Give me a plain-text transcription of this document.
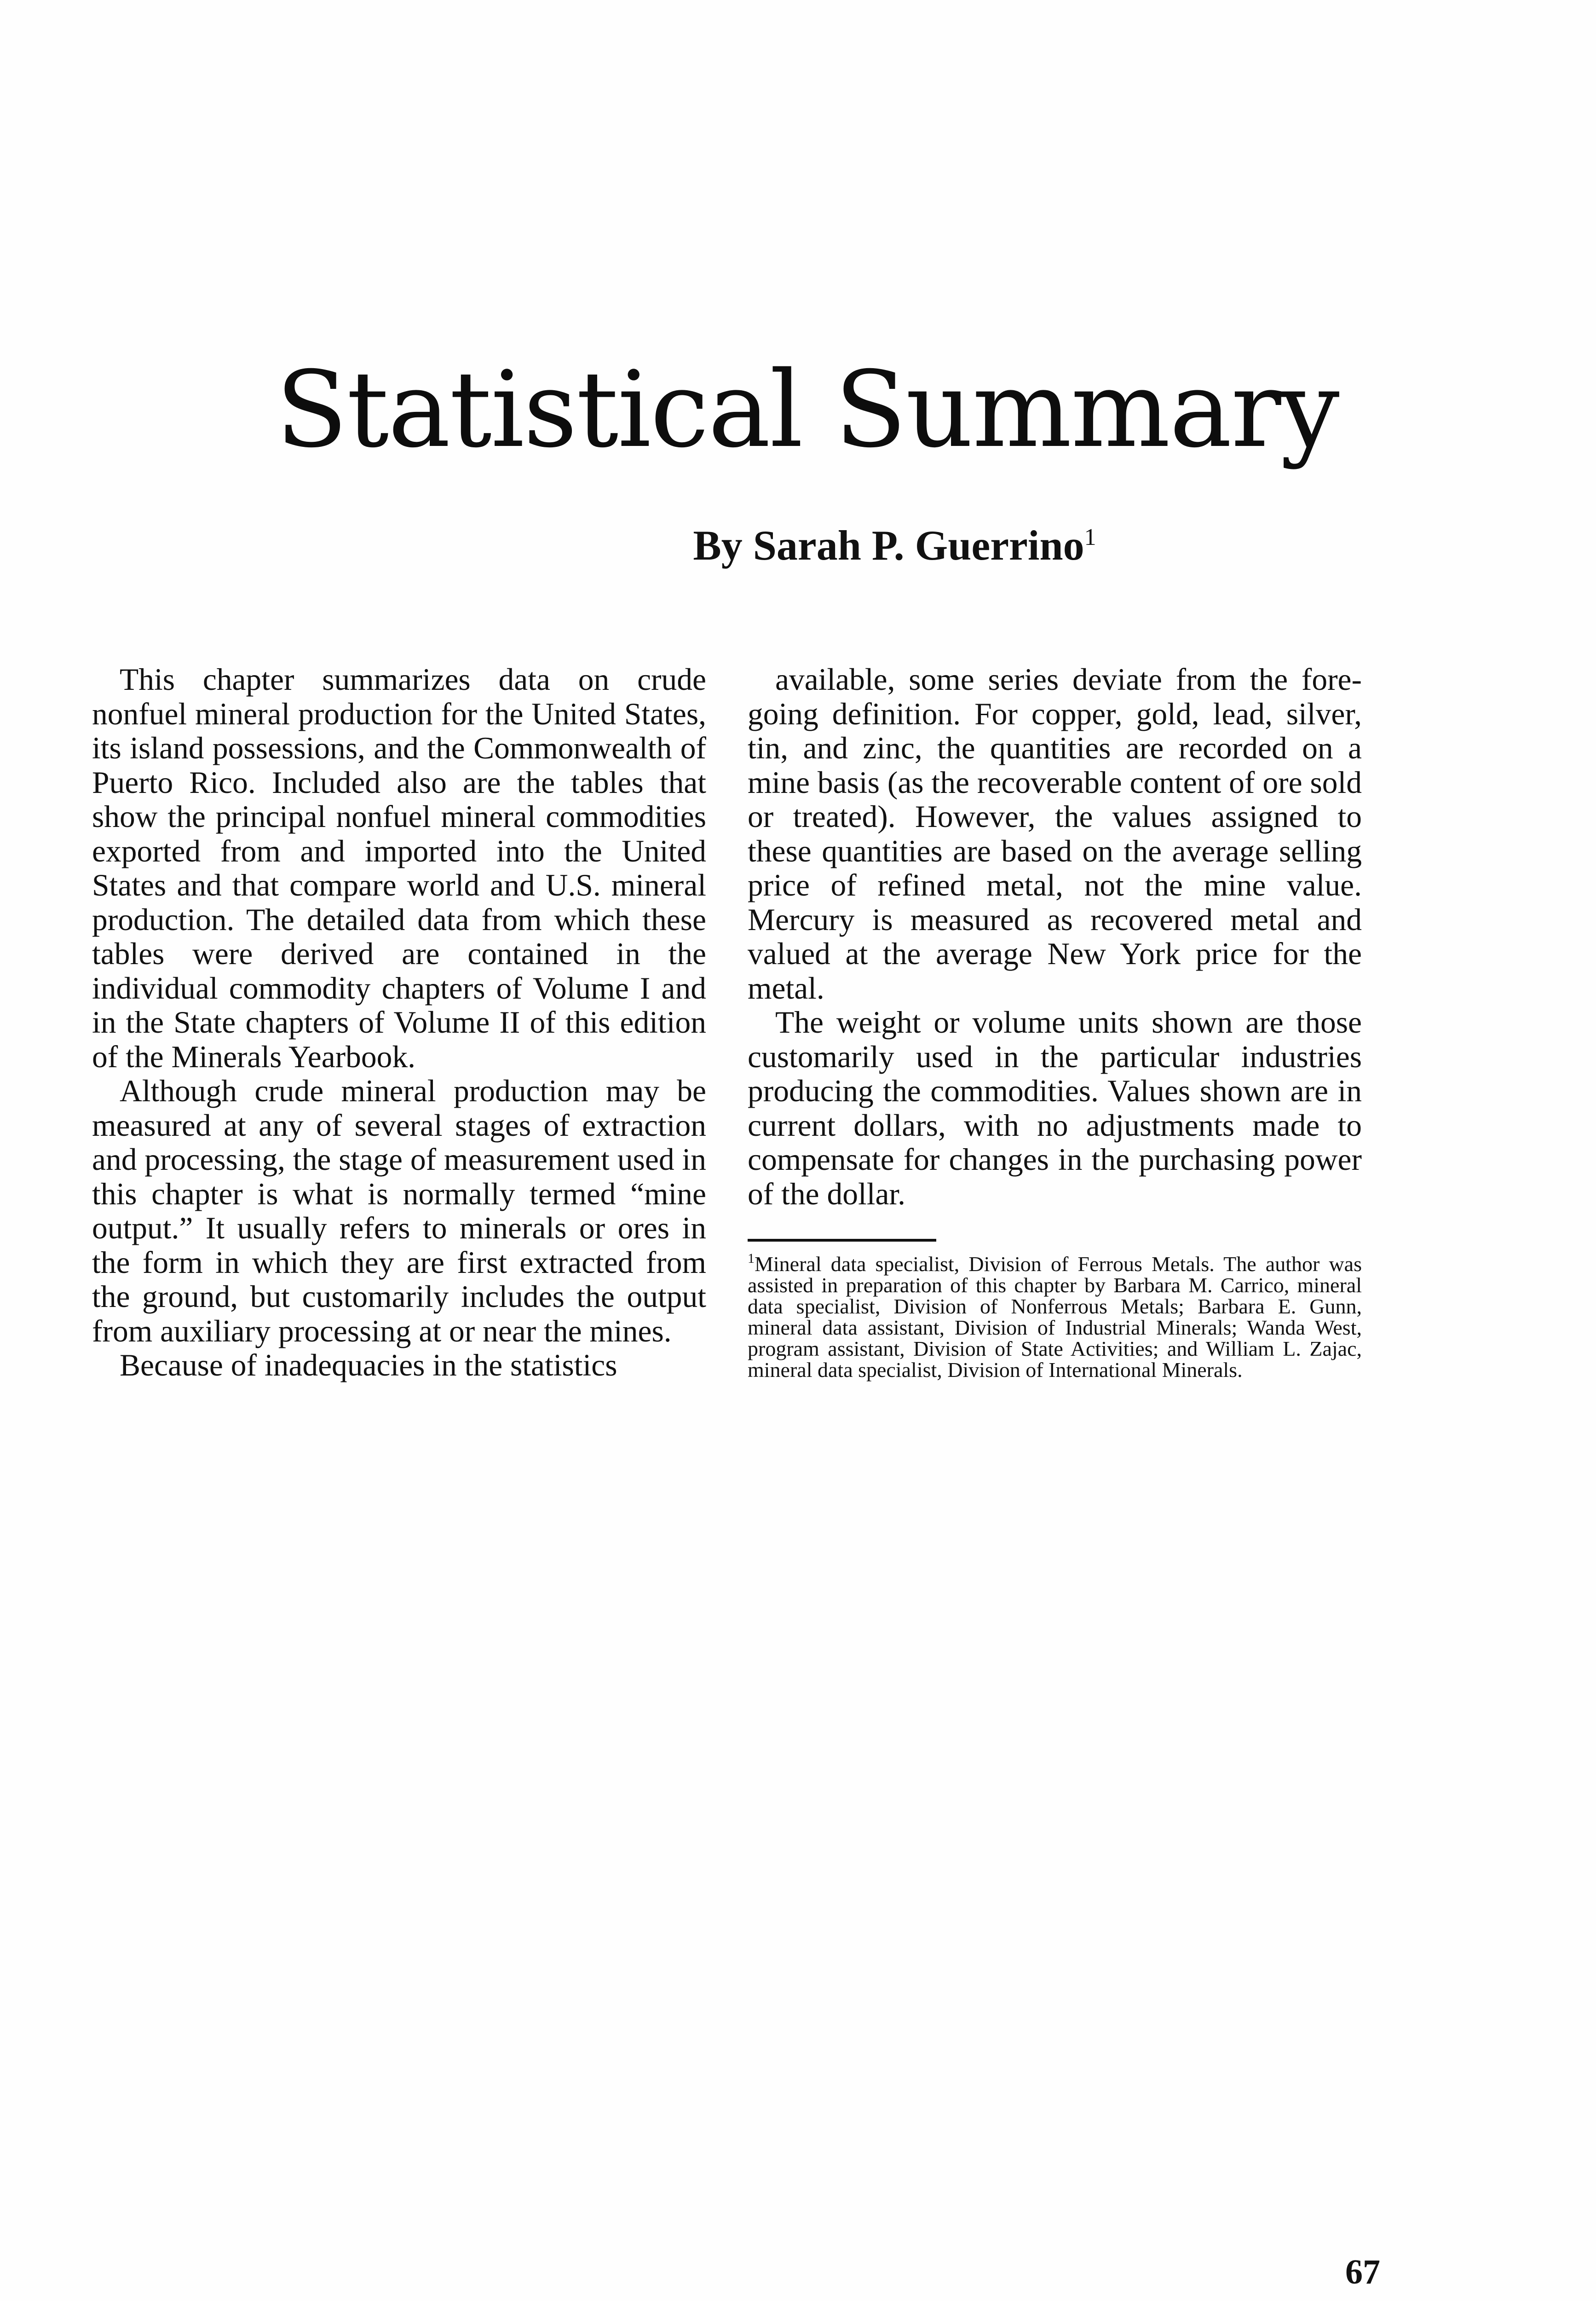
Statistical Summary
By Sarah P. Guerrino$^1$

This chapter summarizes data on crude nonfuel mineral production for the United States, its island possessions, and the Commonwealth of Puerto Rico. Included also are the tables that show the principal nonfuel mineral commodities exported from and imported into the United States and that compare world and U.S. mineral production. The detailed data from which these tables were derived are contained in the individual commodity chapters of Volume I and in the State chapters of Volume II of this edition of the Minerals Yearbook.

Although crude mineral production may be measured at any of several stages of extraction and processing, the stage of measurement used in this chapter is what is normally termed “mine output.” It usually refers to minerals or ores in the form in which they are first extracted from the ground, but customarily includes the output from auxiliary processing at or near the mines.

Because of inadequacies in the statistics

available, some series deviate from the foregoing definition. For copper, gold, lead, silver, tin, and zinc, the quantities are recorded on a mine basis (as the recoverable content of ore sold or treated). However, the values assigned to these quantities are based on the average selling price of refined metal, not the mine value. Mercury is measured as recovered metal and valued at the average New York price for the metal.

The weight or volume units shown are those customarily used in the particular industries producing the commodities. Values shown are in current dollars, with no adjustments made to compensate for changes in the purchasing power of the dollar.

$^1$Mineral data specialist, Division of Ferrous Metals. The author was assisted in preparation of this chapter by Barbara M. Carrico, mineral data specialist, Division of Nonferrous Metals; Barbara E. Gunn, mineral data assistant, Division of Industrial Minerals; Wanda West, program assistant, Division of State Activities; and William L. Zajac, mineral data specialist, Division of International Minerals.

67
